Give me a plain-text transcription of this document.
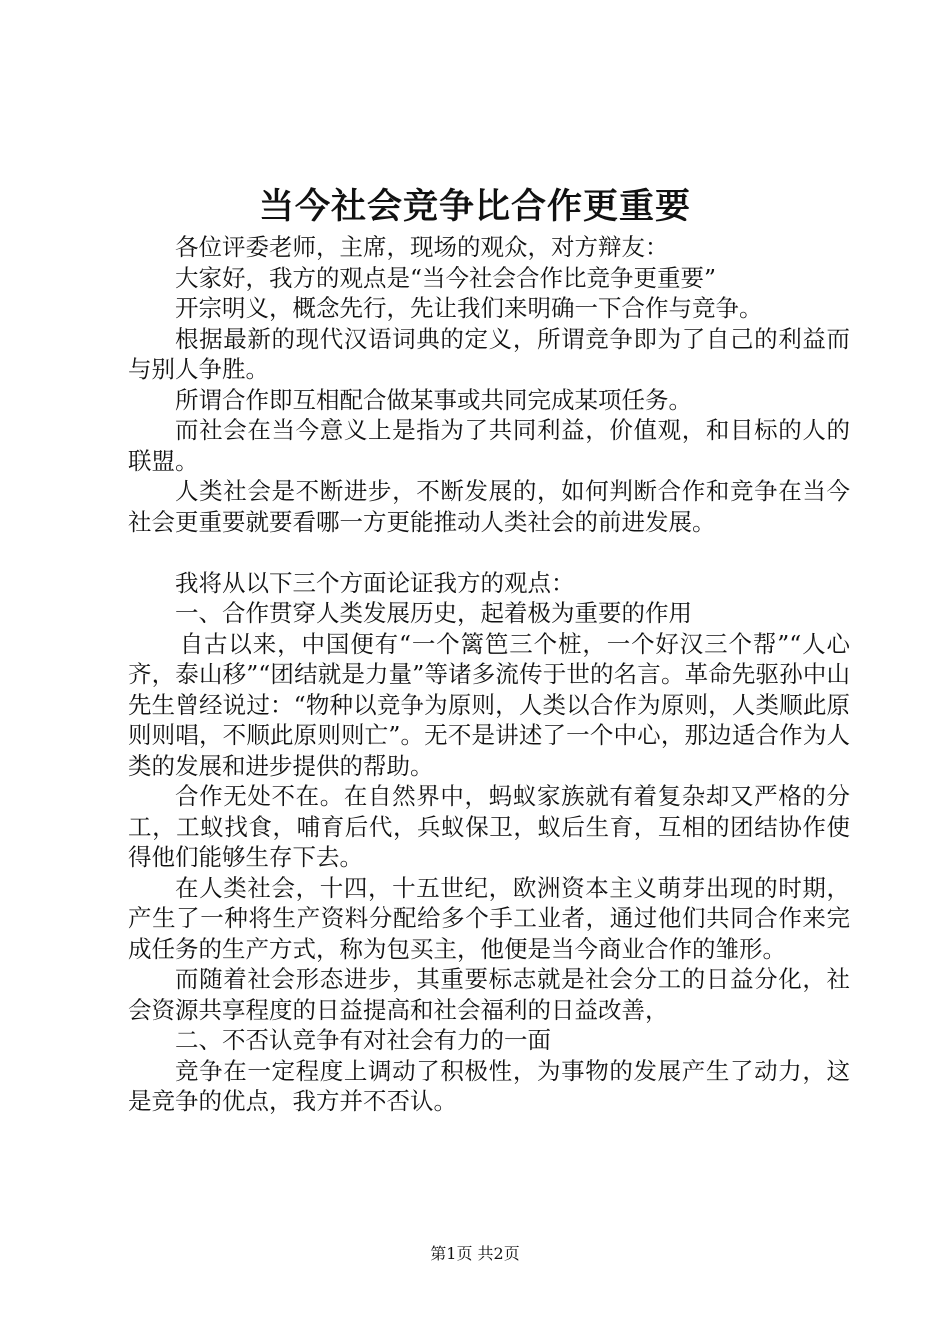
当今社会竞争比合作更重要

各位评委老师，主席，现场的观众，对方辩友：

大家好，我方的观点是“当今社会合作比竞争更重要”

开宗明义，概念先行，先让我们来明确一下合作与竞争。

根据最新的现代汉语词典的定义，所谓竞争即为了自己的利益而与别人争胜。

所谓合作即互相配合做某事或共同完成某项任务。

而社会在当今意义上是指为了共同利益，价值观，和目标的人的联盟。

人类社会是不断进步，不断发展的，如何判断合作和竞争在当今社会更重要就要看哪一方更能推动人类社会的前进发展。

我将从以下三个方面论证我方的观点：

一、合作贯穿人类发展历史，起着极为重要的作用

自古以来，中国便有“一个篱笆三个桩，一个好汉三个帮”“人心齐，泰山移”“团结就是力量”等诸多流传于世的名言。革命先驱孙中山先生曾经说过：“物种以竞争为原则，人类以合作为原则，人类顺此原则则唱，不顺此原则则亡”。无不是讲述了一个中心，那边适合作为人类的发展和进步提供的帮助。

合作无处不在。在自然界中，蚂蚁家族就有着复杂却又严格的分工，工蚁找食，哺育后代，兵蚁保卫，蚁后生育，互相的团结协作使得他们能够生存下去。

在人类社会，十四，十五世纪，欧洲资本主义萌芽出现的时期，产生了一种将生产资料分配给多个手工业者，通过他们共同合作来完成任务的生产方式，称为包买主，他便是当今商业合作的雏形。

而随着社会形态进步，其重要标志就是社会分工的日益分化，社会资源共享程度的日益提高和社会福利的日益改善，

二、不否认竞争有对社会有力的一面

竞争在一定程度上调动了积极性，为事物的发展产生了动力，这是竞争的优点，我方并不否认。

第1页 共2页
